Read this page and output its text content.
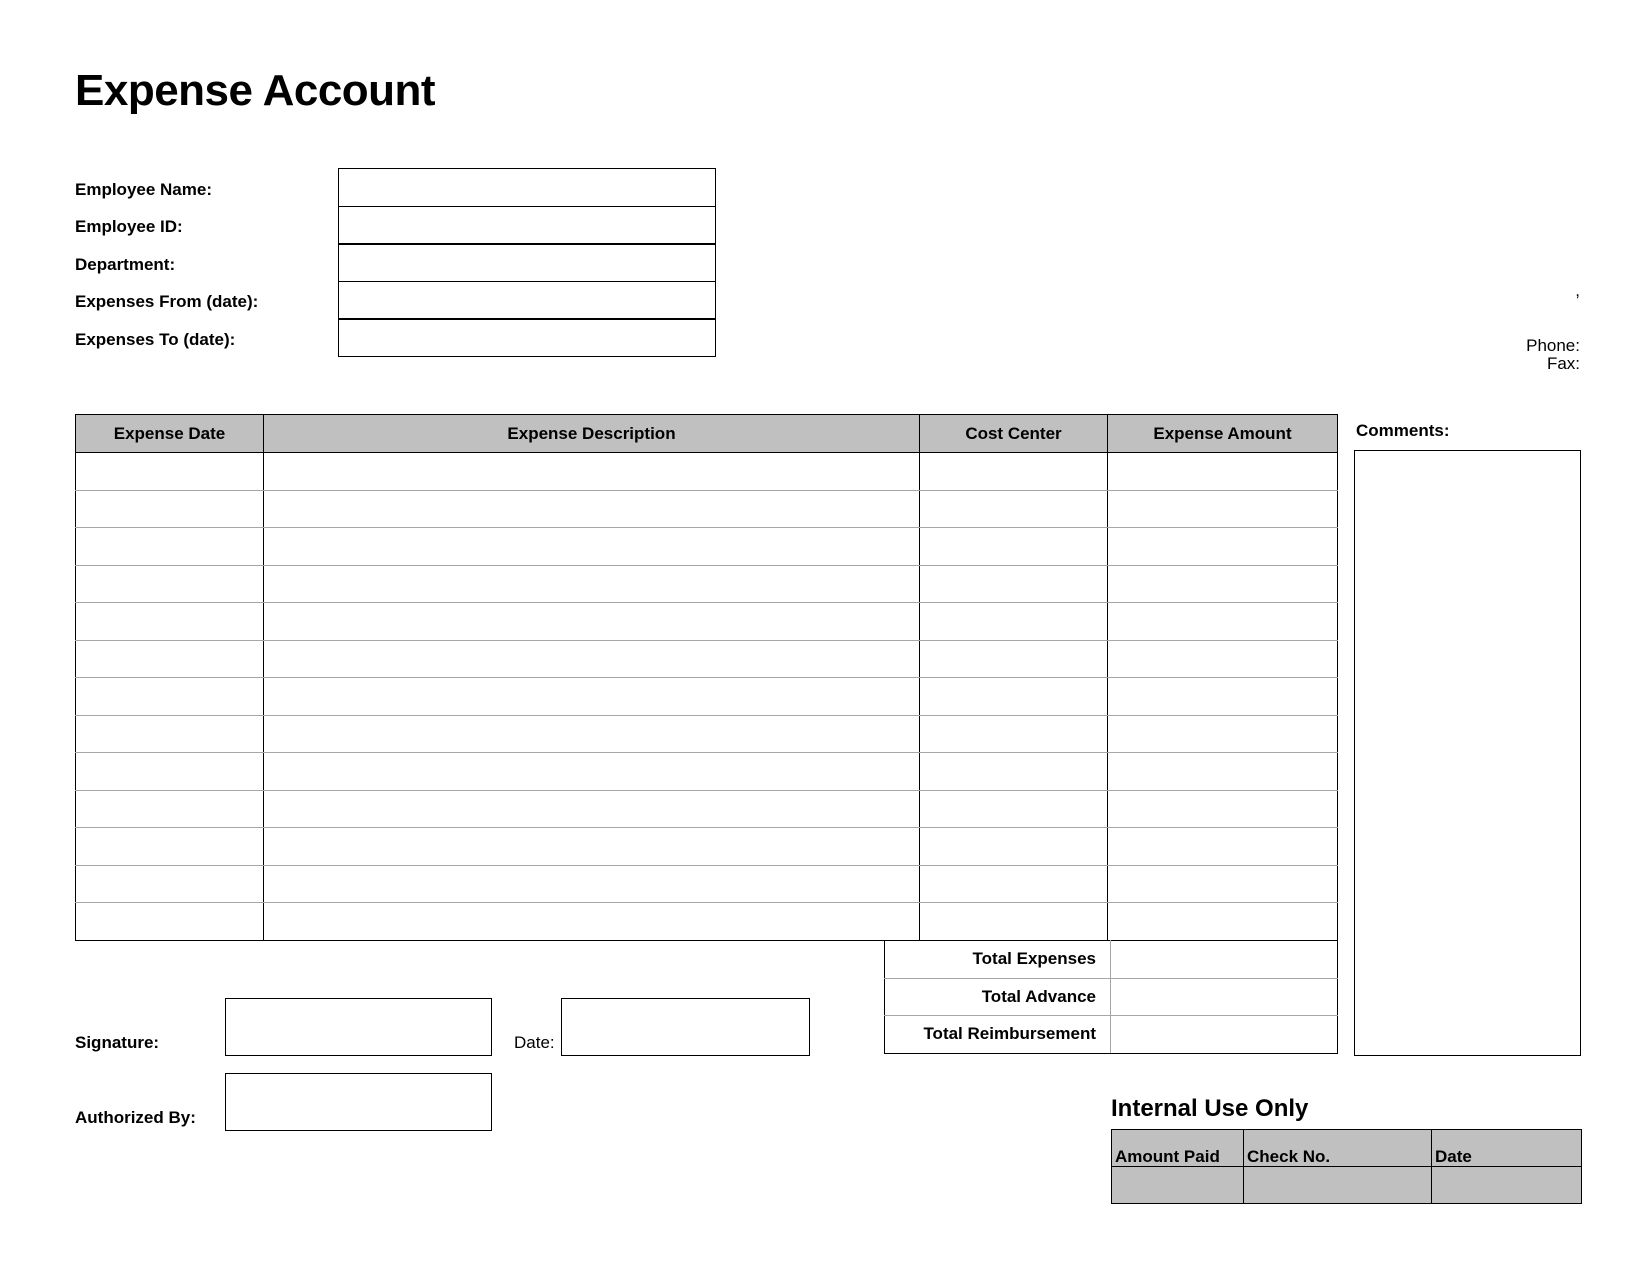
Expense Account
Employee Name:
Employee ID:
Department:
Expenses From (date):
Expenses To (date):
,
Phone:
Fax:
Expense Date	Expense Description	Cost Center	Expense Amount

				Comments:
Total Expenses	
Total Advance	
Total Reimbursement	
Signature:	Date:
Authorized By:	Internal Use Only
Amount Paid	Check No.	Date
